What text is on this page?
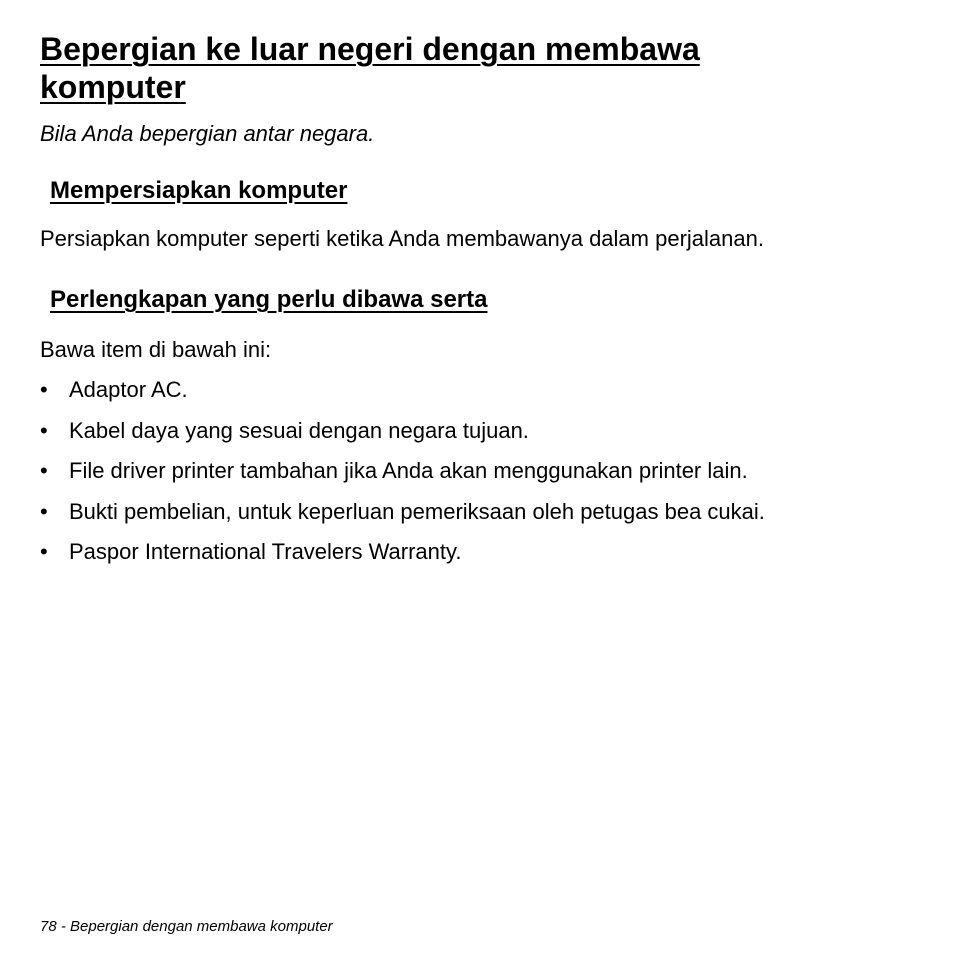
Bepergian ke luar negeri dengan membawa komputer

Bila Anda bepergian antar negara.

Mempersiapkan komputer

Persiapkan komputer seperti ketika Anda membawanya dalam perjalanan.

Perlengkapan yang perlu dibawa serta

Bawa item di bawah ini:

• Adaptor AC.
• Kabel daya yang sesuai dengan negara tujuan.
• File driver printer tambahan jika Anda akan menggunakan printer lain.
• Bukti pembelian, untuk keperluan pemeriksaan oleh petugas bea cukai.
• Paspor International Travelers Warranty.
78 - Bepergian dengan membawa komputer
